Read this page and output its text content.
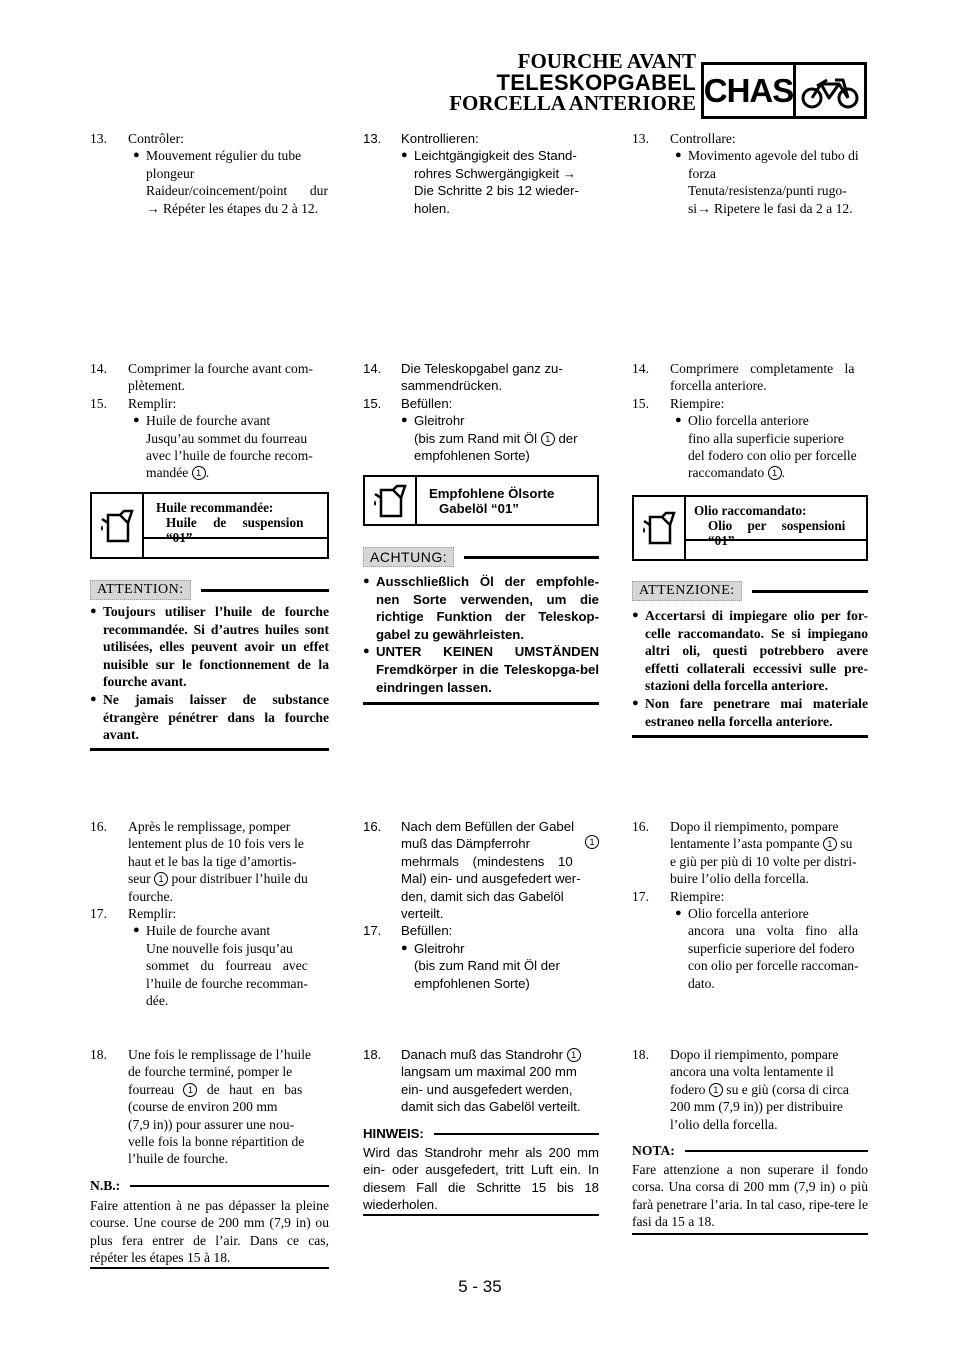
FOURCHE AVANT
TELESKOPGABEL
FORCELLA ANTERIORE CHAS
13. Contrôler:
● Mouvement régulier du tube
plongeur
Raideur/coincement/point dur
→ Répéter les étapes du 2 à 12.
14. Comprimer la fourche avant com-
plètement.
15. Remplir:
● Huile de fourche avant
Jusqu’au sommet du fourreau
avec l’huile de fourche recom-
mandée 1 .
Huile recommandée:
Huile de suspension
“01”
ATTENTION:
● Toujours utiliser l’huile de fourche recommandée. Si d’autres huiles sont utilisées, elles peuvent avoir un effet nuisible sur le fonctionnement de la fourche avant.
● Ne jamais laisser de substance étrangère pénétrer dans la fourche avant.
16. Après le remplissage, pomper
lentement plus de 10 fois vers le
haut et le bas la tige d’amortis-
seur 1 pour distribuer l’huile du
fourche.
17. Remplir:
● Huile de fourche avant
Une nouvelle fois jusqu’au
sommet du fourreau avec
l’huile de fourche recomman-
dée.
18. Une fois le remplissage de l’huile
de fourche terminé, pomper le
fourreau 1 de haut en bas
(course de environ 200 mm
(7,9 in)) pour assurer une nou-
velle fois la bonne répartition de
l’huile de fourche.
N.B.:
Faire attention à ne pas dépasser la pleine course. Une course de 200 mm (7,9 in) ou plus fera entrer de l’air. Dans ce cas, répéter les étapes 15 à 18.
13. Kontrollieren:
● Leichtgängigkeit des Stand-
rohres Schwergängigkeit →
Die Schritte 2 bis 12 wieder-
holen.
14. Die Teleskopgabel ganz zu-
sammendrücken.
15. Befüllen:
● Gleitrohr
(bis zum Rand mit Öl 1 der
empfohlenen Sorte)
Empfohlene Ölsorte
Gabelöl “01”
ACHTUNG:
● Ausschließlich Öl der empfohle-nen Sorte verwenden, um die richtige Funktion der Teleskop-gabel zu gewährleisten.
● UNTER KEINEN UMSTÄNDEN Fremdkörper in die Teleskopga-bel eindringen lassen.
16. Nach dem Befüllen der Gabel
muß das Dämpferrohr	1
mehrmals (mindestens 10
Mal) ein- und ausgefedert wer-
den, damit sich das Gabelöl
verteilt.
17. Befüllen:
● Gleitrohr
(bis zum Rand mit Öl der
empfohlenen Sorte)
18. Danach muß das Standrohr 1
langsam um maximal 200 mm
ein- und ausgefedert werden,
damit sich das Gabelöl verteilt.
HINWEIS:
Wird das Standrohr mehr als 200 mm ein- oder ausgefedert, tritt Luft ein. In diesem Fall die Schritte 15 bis 18 wiederholen.
13. Controllare:
● Movimento agevole del tubo di
forza
Tenuta/resistenza/punti rugo-
si→ Ripetere le fasi da 2 a 12.
14. Comprimere completamente la
forcella anteriore.
15. Riempire:
● Olio forcella anteriore
fino alla superficie superiore
del fodero con olio per forcelle
raccomandato 1 .
Olio raccomandato:
Olio per sospensioni
“01”
ATTENZIONE:
● Accertarsi di impiegare olio per for-celle raccomandato. Se si impiegano altri oli, questi potrebbero avere effetti collaterali eccessivi sulle pre-stazioni della forcella anteriore.
● Non fare penetrare mai materiale estraneo nella forcella anteriore.
16. Dopo il riempimento, pompare
lentamente l’asta pompante 1 su
e giù per più di 10 volte per distri-
buire l’olio della forcella.
17. Riempire:
● Olio forcella anteriore
ancora una volta fino alla
superficie superiore del fodero
con olio per forcelle raccoman-
dato.
18. Dopo il riempimento, pompare
ancora una volta lentamente il
fodero 1 su e giù (corsa di circa
200 mm (7,9 in)) per distribuire
l’olio della forcella.
NOTA:
Fare attenzione a non superare il fondo corsa. Una corsa di 200 mm (7,9 in) o più farà penetrare l’aria. In tal caso, ripe-tere le fasi da 15 a 18.
5 - 35
